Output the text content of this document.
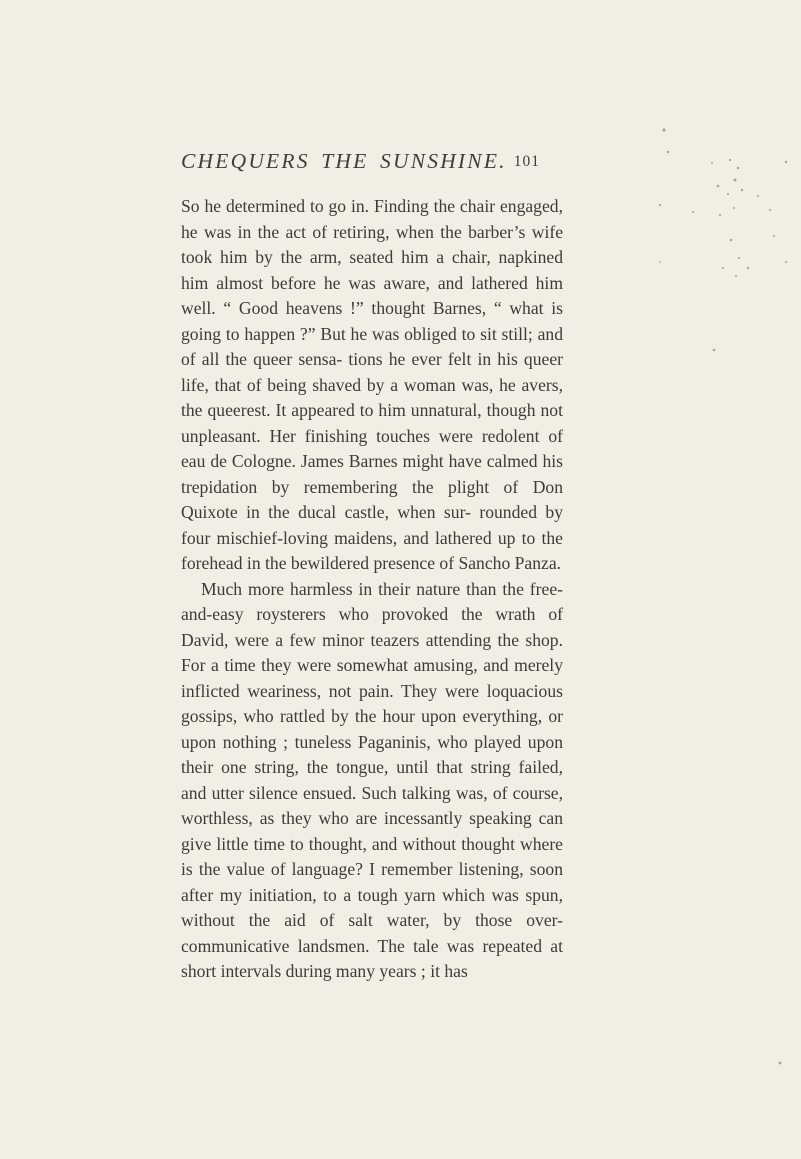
CHEQUERS THE SUNSHINE. 101

So he determined to go in. Finding the chair engaged, he was in the act of retiring, when the barber’s wife took him by the arm, seated him a chair, napkined him almost before he was aware, and lathered him well. “ Good heavens !” thought Barnes, “ what is going to happen ?” But he was obliged to sit still; and of all the queer sensa- tions he ever felt in his queer life, that of being shaved by a woman was, he avers, the queerest. It appeared to him unnatural, though not unpleasant. Her finishing touches were redolent of eau de Cologne. James Barnes might have calmed his trepidation by remembering the plight of Don Quixote in the ducal castle, when sur- rounded by four mischief-loving maidens, and lathered up to the forehead in the bewildered presence of Sancho Panza.

Much more harmless in their nature than the free- and-easy roysterers who provoked the wrath of David, were a few minor teazers attending the shop. For a time they were somewhat amusing, and merely inflicted weariness, not pain. They were loquacious gossips, who rattled by the hour upon everything, or upon nothing ; tuneless Paganinis, who played upon their one string, the tongue, until that string failed, and utter silence ensued. Such talking was, of course, worthless, as they who are incessantly speaking can give little time to thought, and without thought where is the value of language? I remember listening, soon after my initiation, to a tough yarn which was spun, without the aid of salt water, by those over-communicative landsmen. The tale was repeated at short intervals during many years ; it has
